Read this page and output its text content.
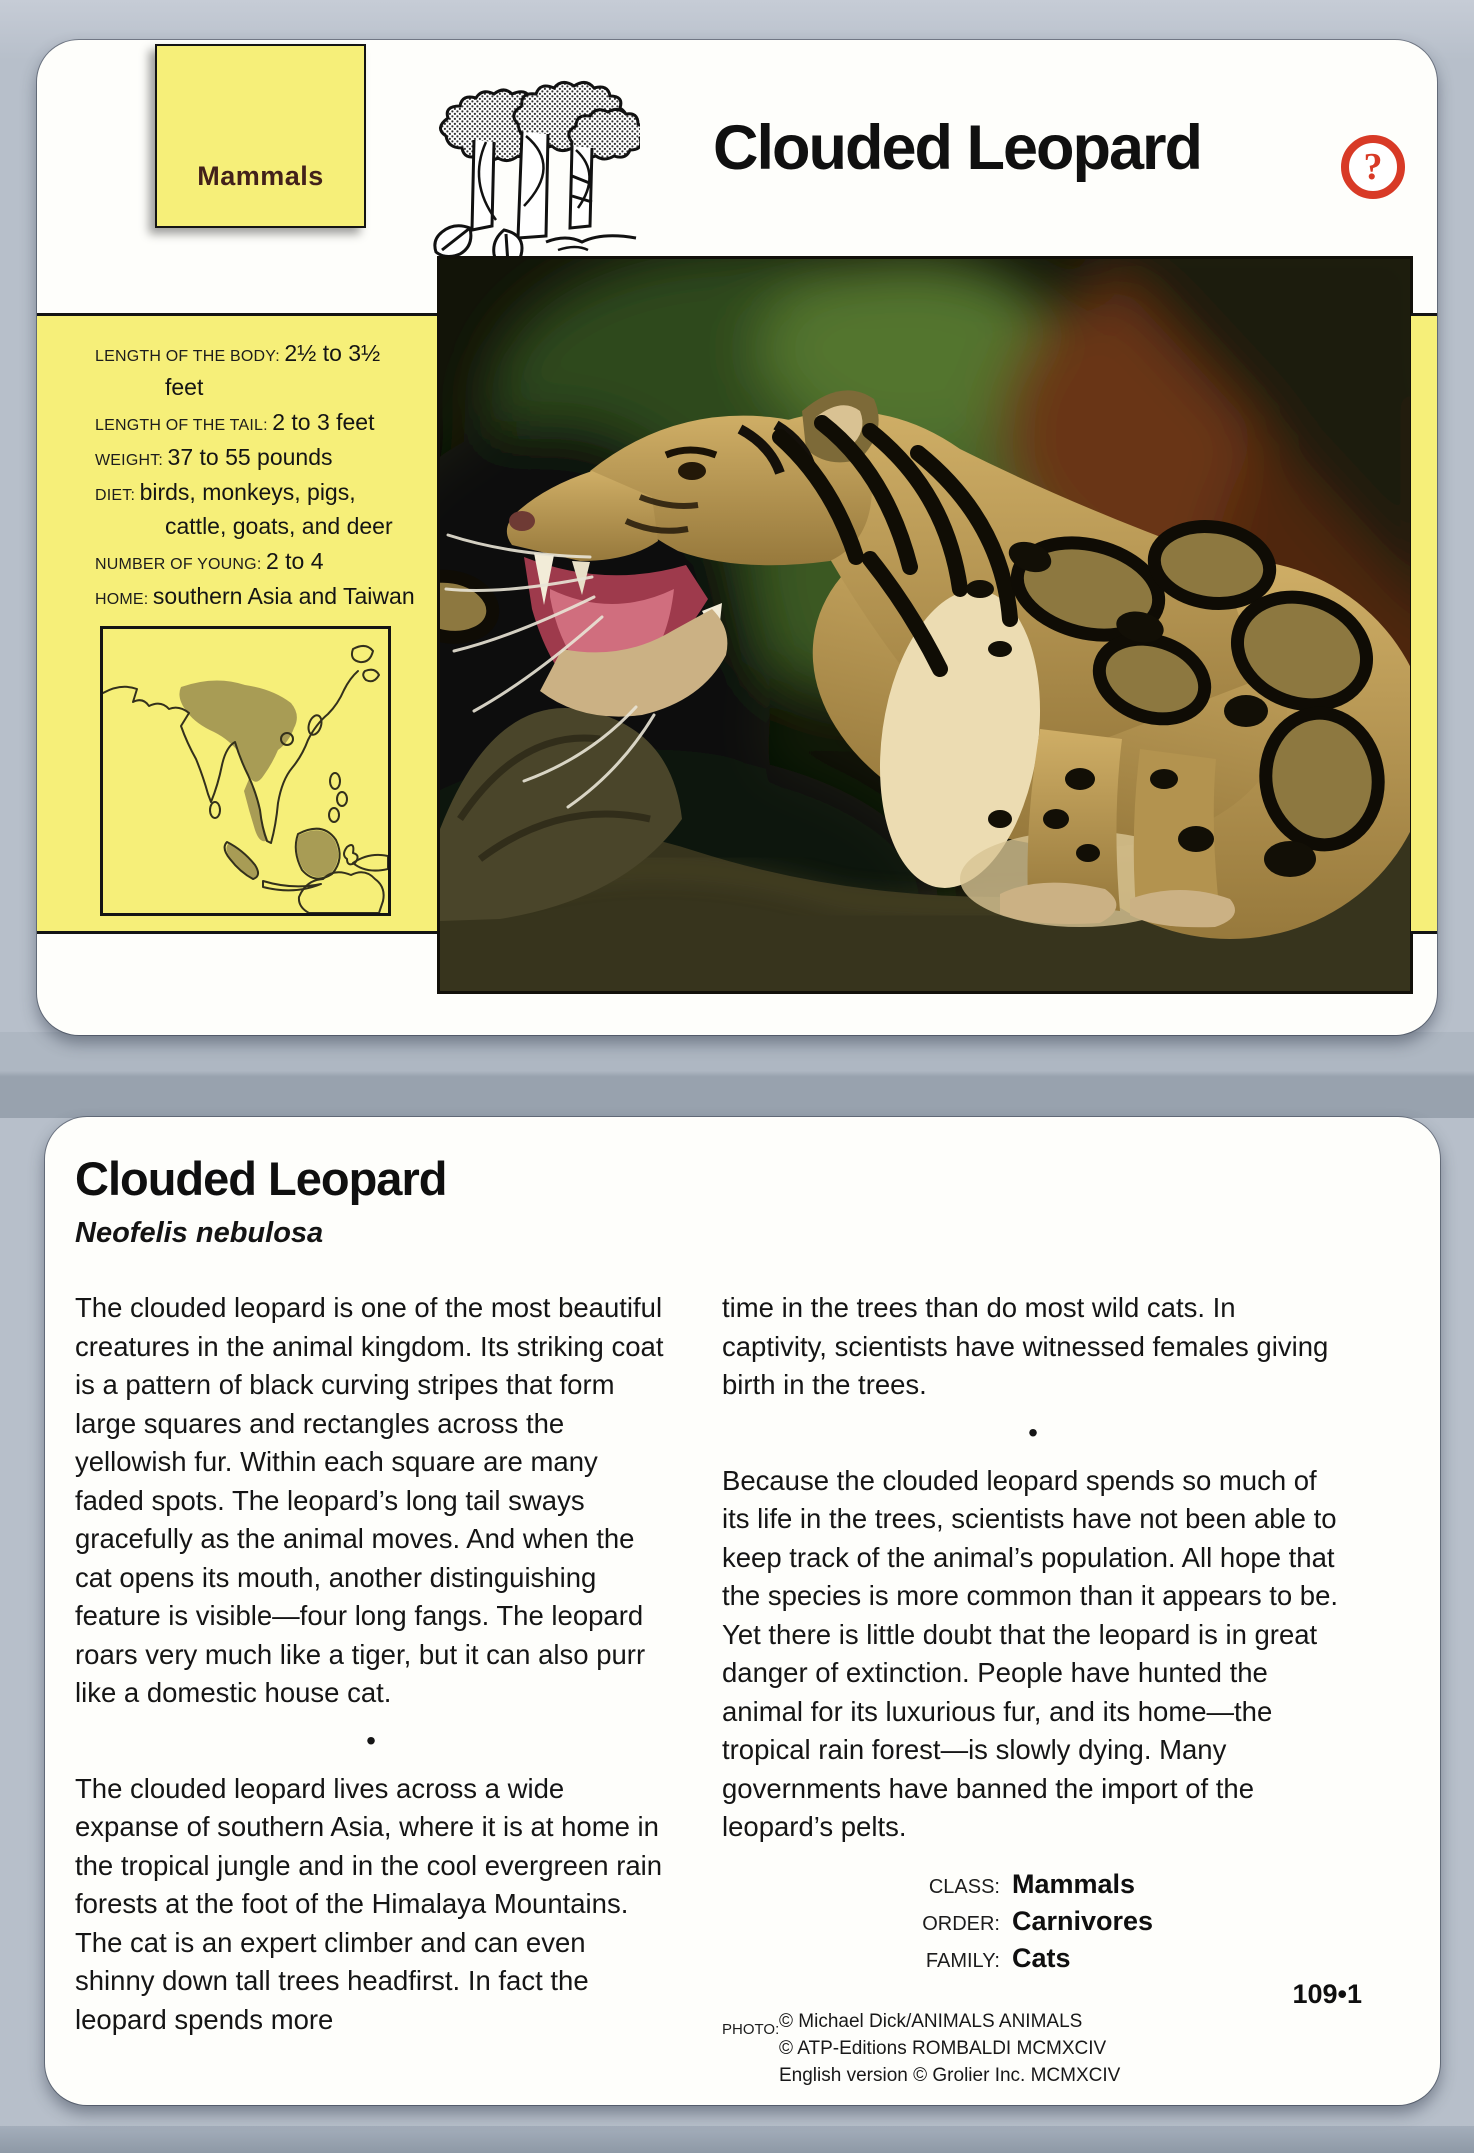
Mammals	Clouded Leopard	?
LENGTH OF THE BODY: 2½ to 3½ feet
LENGTH OF THE TAIL: 2 to 3 feet
WEIGHT: 37 to 55 pounds
DIET: birds, monkeys, pigs, cattle, goats, and deer
NUMBER OF YOUNG: 2 to 4
HOME: southern Asia and Taiwan
Clouded Leopard
Neofelis nebulosa

The clouded leopard is one of the most beautiful creatures in the animal kingdom. Its striking coat is a pattern of black curving stripes that form large squares and rectangles across the yellowish fur. Within each square are many faded spots. The leopard’s long tail sways gracefully as the animal moves. And when the cat opens its mouth, another distinguishing feature is visible—four long fangs. The leopard roars very much like a tiger, but it can also purr like a domestic house cat.

•

The clouded leopard lives across a wide expanse of southern Asia, where it is at home in the tropical jungle and in the cool evergreen rain forests at the foot of the Himalaya Mountains. The cat is an expert climber and can even shinny down tall trees headfirst. In fact the leopard spends more

time in the trees than do most wild cats. In captivity, scientists have witnessed females giving birth in the trees.

•

Because the clouded leopard spends so much of its life in the trees, scientists have not been able to keep track of the animal’s population. All hope that the species is more common than it appears to be. Yet there is little doubt that the leopard is in great danger of extinction. People have hunted the animal for its luxurious fur, and its home—the tropical rain forest—is slowly dying. Many governments have banned the import of the leopard’s pelts.

CLASS: Mammals
ORDER: Carnivores
FAMILY: Cats
PHOTO: © Michael Dick/ANIMALS ANIMALS
© ATP-Editions ROMBALDI MCMXCIV
English version © Grolier Inc. MCMXCIV
109•1
